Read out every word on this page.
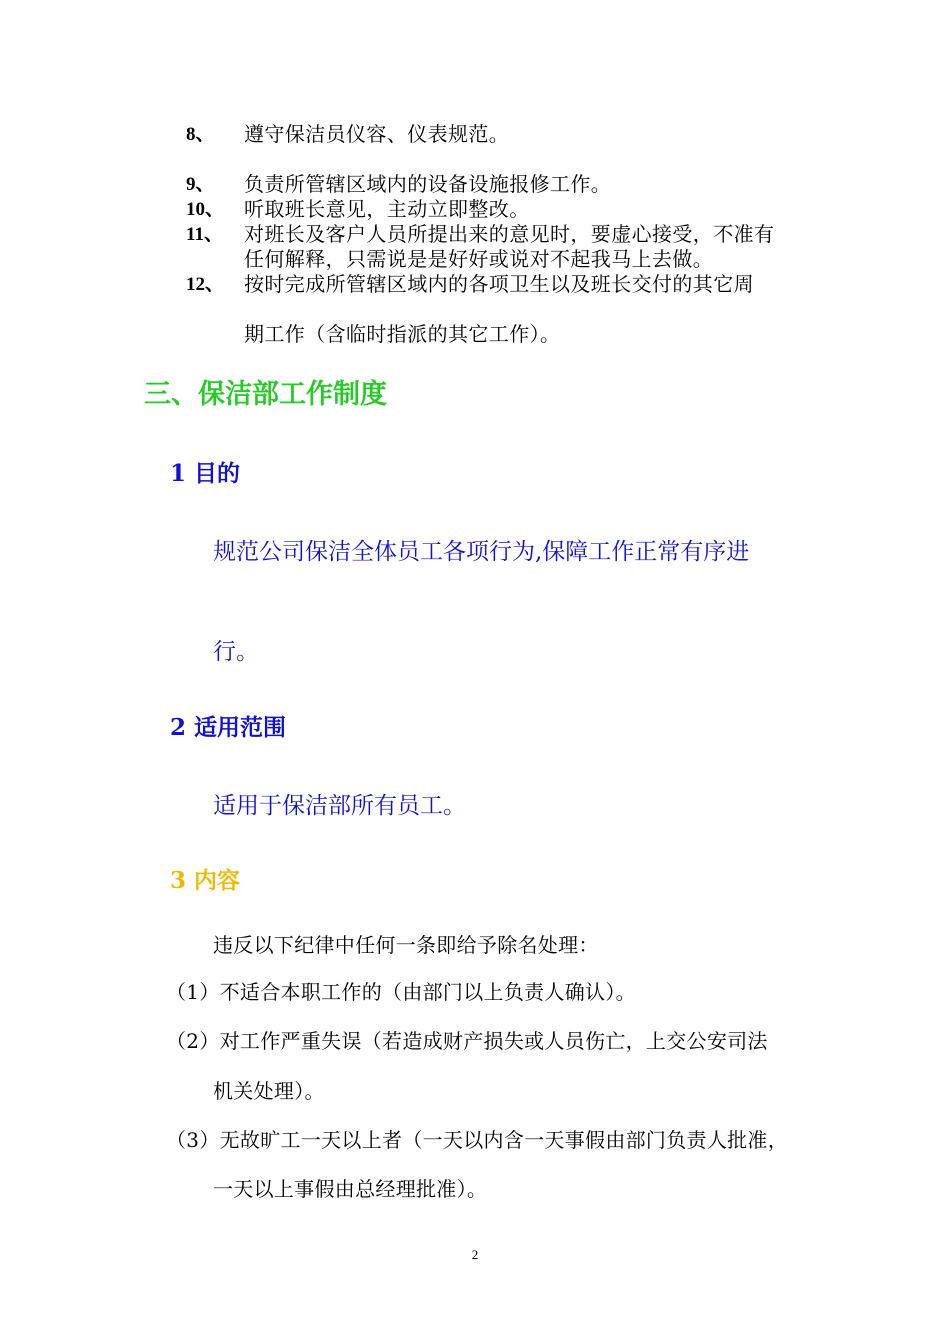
8、 遵守保洁员仪容、仪表规范。
9、 负责所管辖区域内的设备设施报修工作。
10、 听取班长意见，主动立即整改。
11、 对班长及客户人员所提出来的意见时，要虚心接受，不准有
任何解释，只需说是是好好或说对不起我马上去做。
12、 按时完成所管辖区域内的各项卫生以及班长交付的其它周
期工作（含临时指派的其它工作）。
三、保洁部工作制度
1 目的
规范公司保洁全体员工各项行为,保障工作正常有序进
行。
2 适用范围
适用于保洁部所有员工。
3 内容
违反以下纪律中任何一条即给予除名处理：
（1）不适合本职工作的（由部门以上负责人确认）。
（2）对工作严重失误（若造成财产损失或人员伤亡，上交公安司法
机关处理）。
（3）无故旷工一天以上者（一天以内含一天事假由部门负责人批准，
一天以上事假由总经理批准）。
2
